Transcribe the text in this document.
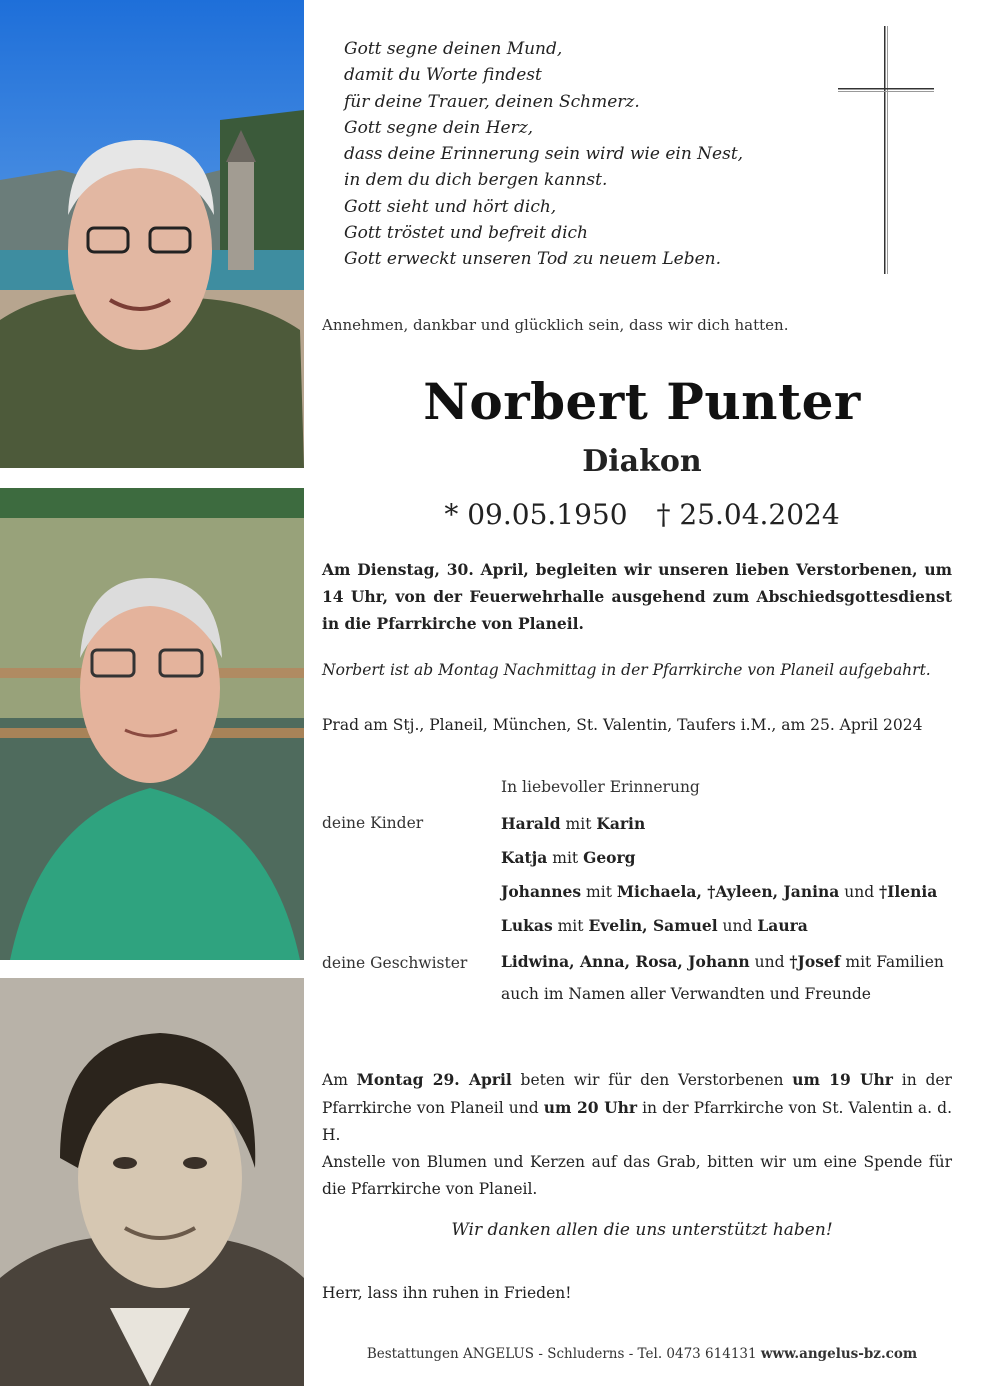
Gott segne deinen Mund,
damit du Worte findest
für deine Trauer, deinen Schmerz.
Gott segne dein Herz,
dass deine Erinnerung sein wird wie ein Nest,
in dem du dich bergen kannst.
Gott sieht und hört dich,
Gott tröstet und befreit dich
Gott erweckt unseren Tod zu neuem Leben.
Annehmen, dankbar und glücklich sein, dass wir dich hatten.
Norbert Punter
Diakon
* 09.05.1950 † 25.04.2024
Am Dienstag, 30. April, begleiten wir unseren lieben Verstorbenen, um 14 Uhr, von der Feuerwehrhalle ausgehend zum Abschiedsgottesdienst in die Pfarrkirche von Planeil.
Norbert ist ab Montag Nachmittag in der Pfarrkirche von Planeil aufgebahrt.
Prad am Stj., Planeil, München, St. Valentin, Taufers i.M., am 25. April 2024
In liebevoller Erinnerung
deine Kinder	Harald mit Karin
Katja mit Georg
Johannes mit Michaela, †Ayleen, Janina und †Ilenia
Lukas mit Evelin, Samuel und Laura
deine Geschwister Lidwina, Anna, Rosa, Johann und †Josef mit Familien
auch im Namen aller Verwandten und Freunde
Am Montag 29. April beten wir für den Verstorbenen um 19 Uhr in der Pfarrkirche von Planeil und um 20 Uhr in der Pfarrkirche von St. Valentin a. d. H.
Anstelle von Blumen und Kerzen auf das Grab, bitten wir um eine Spende für die Pfarrkirche von Planeil.
Wir danken allen die uns unterstützt haben!
Herr, lass ihn ruhen in Frieden!
Bestattungen ANGELUS - Schluderns - Tel. 0473 614131 www.angelus-bz.com
